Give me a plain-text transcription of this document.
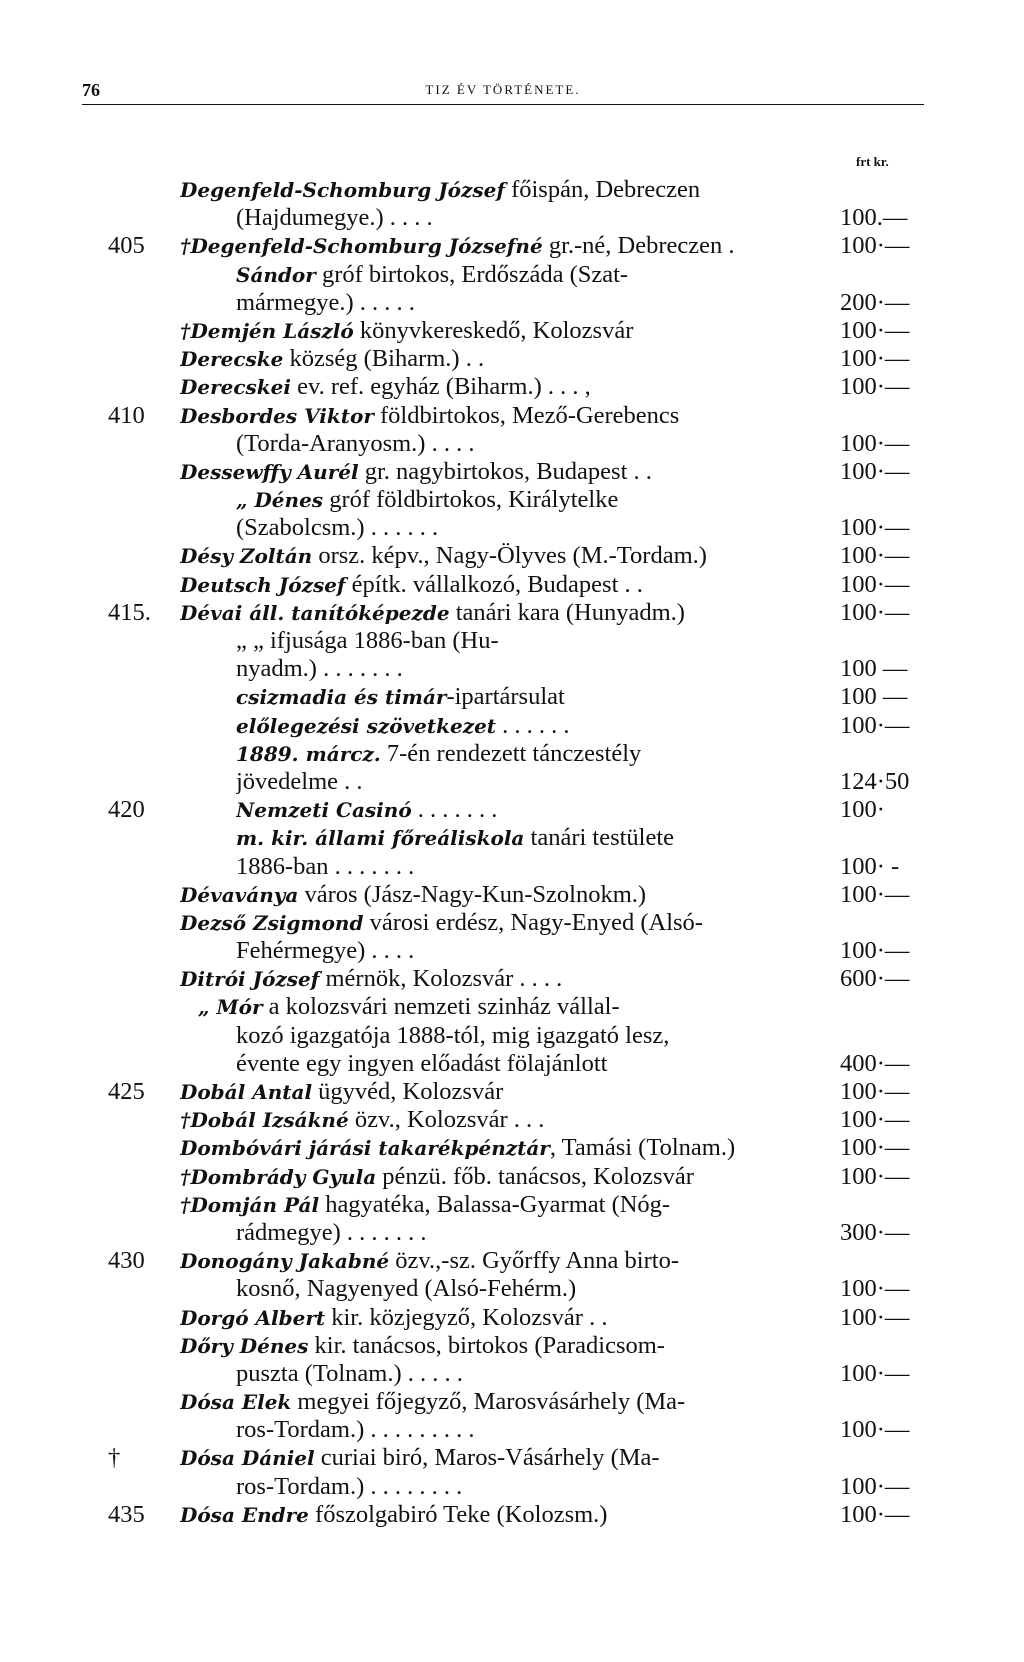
76	TIZ ÉV TÖRTÉNETE.
frt kr.
Degenfeld-Schomburg József főispán, Debreczen
(Hajdumegye.) . . . .	100.—
405	†Degenfeld-Schomburg Józsefné gr.-né, Debreczen .	100·—
Sándor gróf birtokos, Erdőszáda (Szat-
mármegye.) . . . . .	200·—
†Demjén László könyvkereskedő, Kolozsvár	100·—
Derecske község (Biharm.) . .	100·—
Derecskei ev. ref. egyház (Biharm.) . . . ,	100·—
410	Desbordes Viktor földbirtokos, Mező-Gerebencs
(Torda-Aranyosm.) . . . .	100·—
Dessewffy Aurél gr. nagybirtokos, Budapest . .	100·—
„ Dénes gróf földbirtokos, Királytelke
(Szabolcsm.) . . . . . .	100·—
Désy Zoltán orsz. képv., Nagy-Ölyves (M.-Tordam.)	100·—
Deutsch József építk. vállalkozó, Budapest . .	100·—
415.	Dévai áll. tanítóképezde tanári kara (Hunyadm.)	100·—
„ „ ifjusága 1886-ban (Hu-
nyadm.) . . . . . . .	100 —
csizmadia és timár-ipartársulat	100 —
előlegezési szövetkezet . . . . . .	100·—
1889. márcz. 7-én rendezett tánczestély
jövedelme . .	124·50
420	Nemzeti Casinó . . . . . . .	100·
m. kir. állami főreáliskola tanári testülete
1886-ban . . . . . . .	100· -
Dévaványa város (Jász-Nagy-Kun-Szolnokm.)	100·—
Dezső Zsigmond városi erdész, Nagy-Enyed (Alsó-
Fehérmegye) . . . .	100·—
Ditrói József mérnök, Kolozsvár . . . .	600·—
„ Mór a kolozsvári nemzeti szinház vállal-
kozó igazgatója 1888-tól, mig igazgató lesz,
évente egy ingyen előadást fölajánlott	400·—
425	Dobál Antal ügyvéd, Kolozsvár	100·—
†Dobál Izsákné özv., Kolozsvár . . .	100·—
Dombóvári járási takarékpénztár, Tamási (Tolnam.)	100·—
†Dombrády Gyula pénzü. főb. tanácsos, Kolozsvár	100·—
†Domján Pál hagyatéka, Balassa-Gyarmat (Nóg-
rádmegye) . . . . . . .	300·—
430	Donogány Jakabné özv.,-sz. Győrffy Anna birto-
kosnő, Nagyenyed (Alsó-Fehérm.)	100·—
Dorgó Albert kir. közjegyző, Kolozsvár . .	100·—
Dőry Dénes kir. tanácsos, birtokos (Paradicsom-
puszta (Tolnam.) . . . . .	100·—
Dósa Elek megyei főjegyző, Marosvásárhely (Ma-
ros-Tordam.) . . . . . . . . .	100·—
†	Dósa Dániel curiai biró, Maros-Vásárhely (Ma-
ros-Tordam.) . . . . . . . .	100·—
435	Dósa Endre főszolgabiró Teke (Kolozsm.)	100·—
